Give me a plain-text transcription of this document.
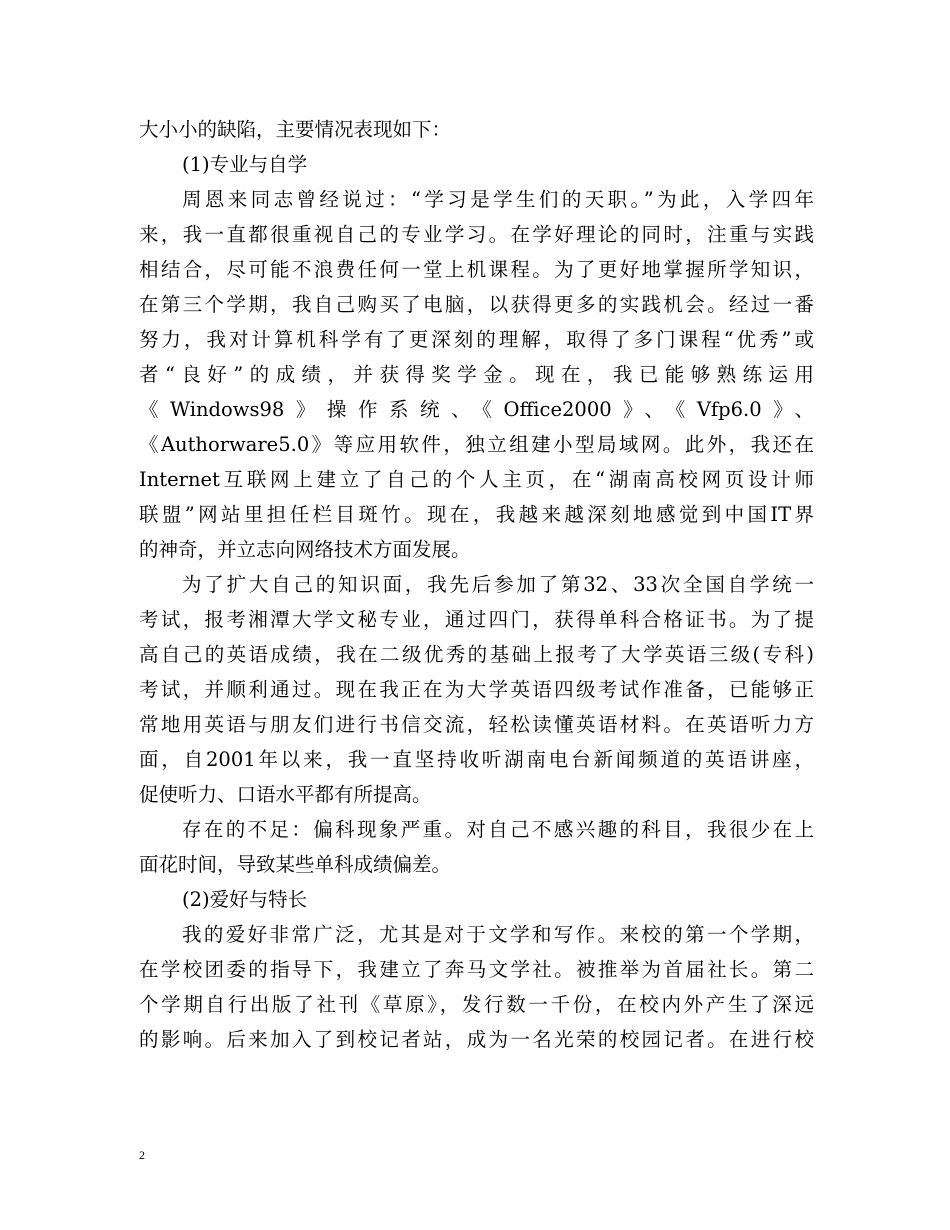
大小小的缺陷，主要情况表现如下：
(1)专业与自学
周恩来同志曾经说过：“学习是学生们的天职。”为此，入学四年
来，我一直都很重视自己的专业学习。在学好理论的同时，注重与实践
相结合，尽可能不浪费任何一堂上机课程。为了更好地掌握所学知识，
在第三个学期，我自己购买了电脑，以获得更多的实践机会。经过一番
努力，我对计算机科学有了更深刻的理解，取得了多门课程“优秀”或
者“良好”的成绩，并获得奖学金。现在，我已能够熟练运用
《Windows98》操作系统、《Office2000》、《Vfp6.0》、
《Authorware5.0》等应用软件，独立组建小型局域网。此外，我还在
Internet互联网上建立了自己的个人主页，在“湖南高校网页设计师
联盟”网站里担任栏目斑竹。现在，我越来越深刻地感觉到中国IT界
的神奇，并立志向网络技术方面发展。
为了扩大自己的知识面，我先后参加了第32、33次全国自学统一
考试，报考湘潭大学文秘专业，通过四门，获得单科合格证书。为了提
高自己的英语成绩，我在二级优秀的基础上报考了大学英语三级(专科)
考试，并顺利通过。现在我正在为大学英语四级考试作准备，已能够正
常地用英语与朋友们进行书信交流，轻松读懂英语材料。在英语听力方
面，自2001年以来，我一直坚持收听湖南电台新闻频道的英语讲座，
促使听力、口语水平都有所提高。
存在的不足：偏科现象严重。对自己不感兴趣的科目，我很少在上
面花时间，导致某些单科成绩偏差。
(2)爱好与特长
我的爱好非常广泛，尤其是对于文学和写作。来校的第一个学期，
在学校团委的指导下，我建立了奔马文学社。被推举为首届社长。第二
个学期自行出版了社刊《草原》，发行数一千份，在校内外产生了深远
的影响。后来加入了到校记者站，成为一名光荣的校园记者。在进行校
2
